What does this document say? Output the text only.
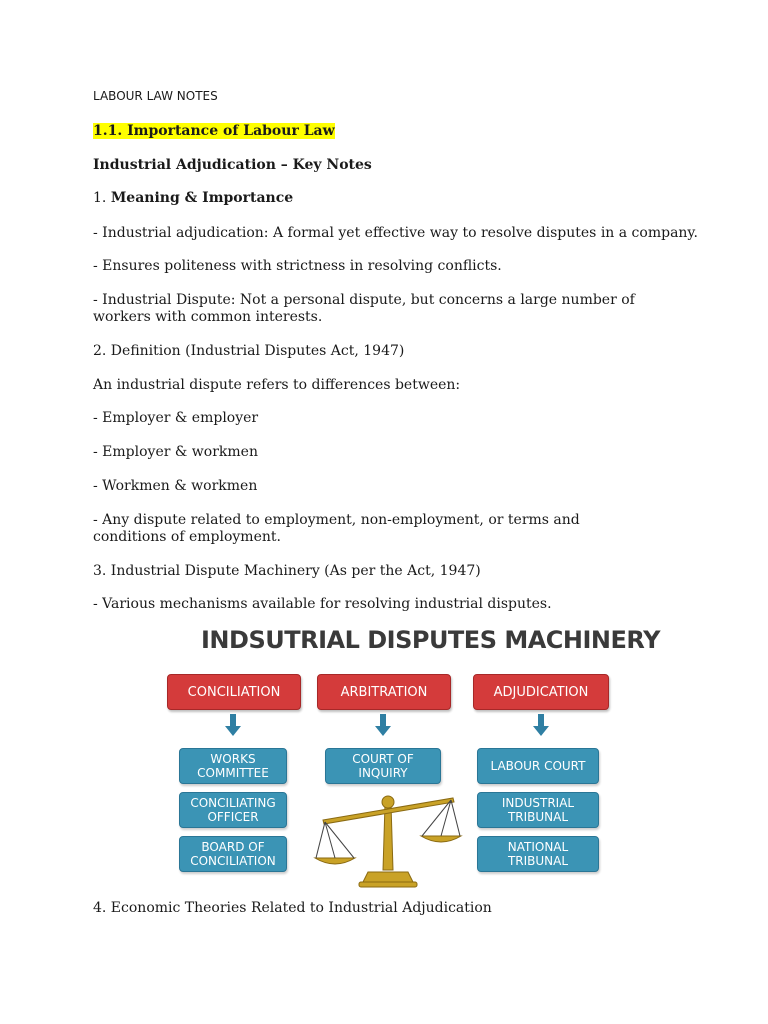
LABOUR LAW NOTES
1.1. Importance of Labour Law
Industrial Adjudication – Key Notes
1. Meaning & Importance
- Industrial adjudication: A formal yet effective way to resolve disputes in a company.
- Ensures politeness with strictness in resolving conflicts.
- Industrial Dispute: Not a personal dispute, but concerns a large number of workers with common interests.
2. Definition (Industrial Disputes Act, 1947)
An industrial dispute refers to differences between:
- Employer & employer
- Employer & workmen
- Workmen & workmen
- Any dispute related to employment, non-employment, or terms and conditions of employment.
3. Industrial Dispute Machinery (As per the Act, 1947)
- Various mechanisms available for resolving industrial disputes.
INDSUTRIAL DISPUTES MACHINERY
CONCILIATION	ARBITRATION	ADJUDICATION
WORKS COMMITTEE
CONCILIATING OFFICER
BOARD OF CONCILIATION
COURT OF INQUIRY	LABOUR COURT
INDUSTRIAL TRIBUNAL
NATIONAL TRIBUNAL
4. Economic Theories Related to Industrial Adjudication
